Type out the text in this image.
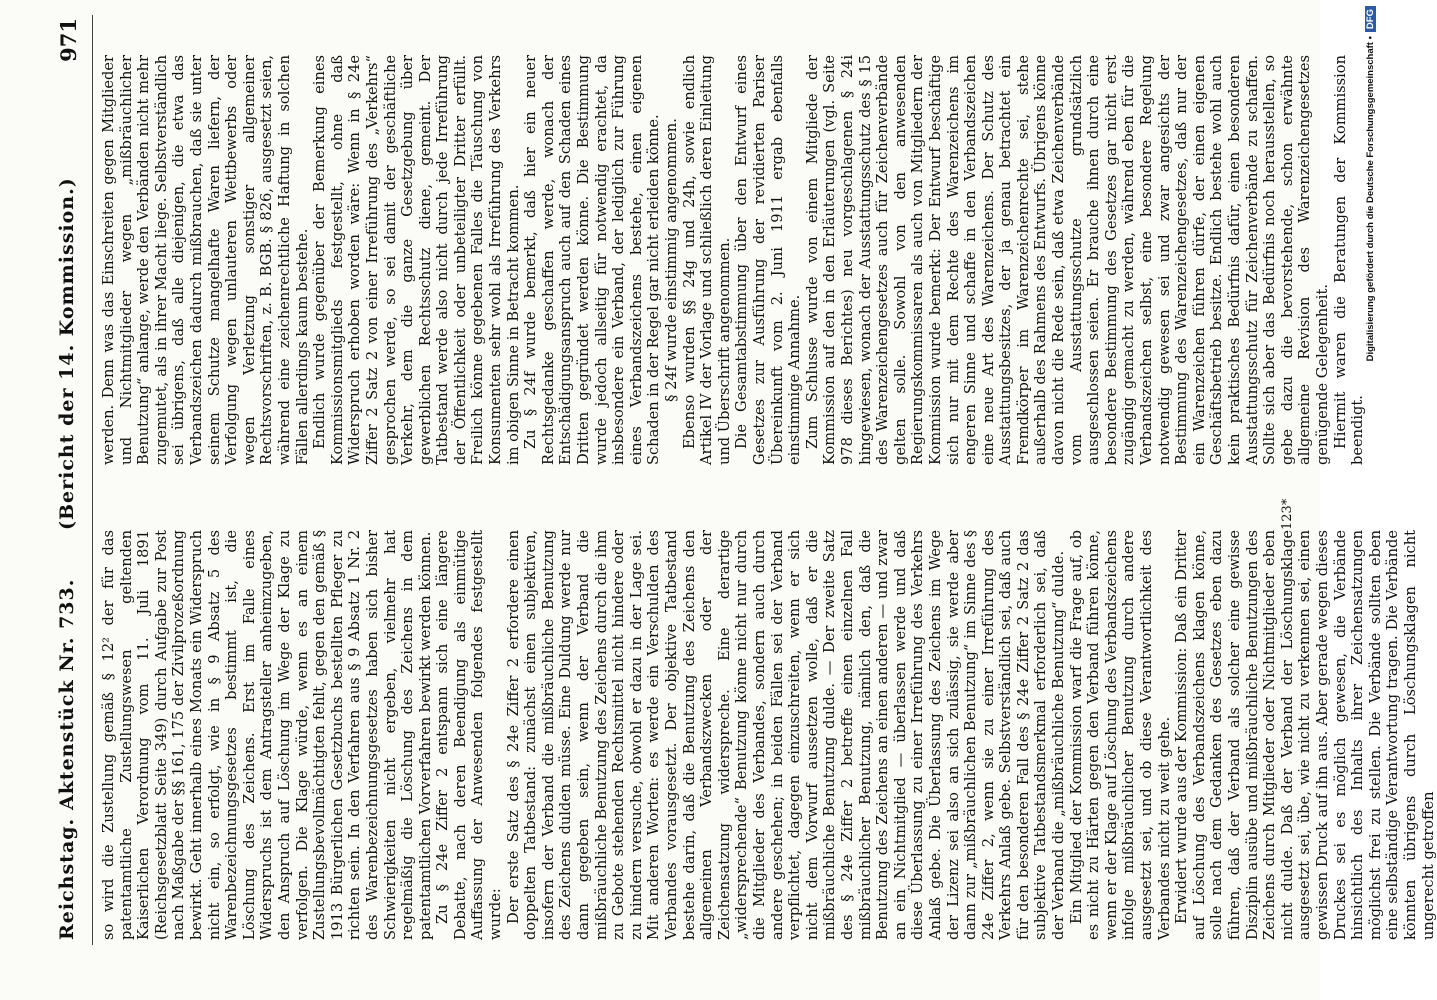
Reichstag.
Aktenstück Nr. 733.
(Bericht der 14. Kommission.)
971

so wird die Zustellung gemäß § 12² der für das patentamtliche Zustellungswesen geltenden Kaiserlichen Verordnung vom 11. Juli 1891 (Reichsgesetzblatt Seite 349) durch Aufgabe zur Post nach Maßgabe der §§ 161, 175 der Zivilprozeßordnung bewirkt. Geht innerhalb eines Monats ein Widerspruch nicht ein, so erfolgt, wie in § 9 Absatz 5 des Warenbezeichnungsgesetzes bestimmt ist, die Löschung des Zeichens. Erst im Falle eines Widerspruchs ist dem Antragsteller anheimzugeben, den Anspruch auf Löschung im Wege der Klage zu verfolgen. Die Klage würde, wenn es an einem Zustellungsbevollmächtigten fehlt, gegen den gemäß § 1913 Bürgerlichen Gesetzbuchs bestellten Pfleger zu richten sein. In den Verfahren aus § 9 Absatz 1 Nr. 2 des Warenbezeichnungsgesetzes haben sich bisher Schwierigkeiten nicht ergeben, vielmehr hat regelmäßig die Löschung des Zeichens in dem patentamtlichen Vorverfahren bewirkt werden können. Zu § 24e Ziffer 2 entspann sich eine längere Debatte, nach deren Beendigung als einmütige Auffassung der Anwesenden folgendes festgestellt wurde: Der erste Satz des § 24e Ziffer 2 erfordere einen doppelten Tatbestand: zunächst einen subjektiven, insofern der Verband die mißbräuchliche Benutzung des Zeichens dulden müsse. Eine Duldung werde nur dann gegeben sein, wenn der Verband die mißbräuchliche Benutzung des Zeichens durch die ihm zu Gebote stehenden Rechtsmittel nicht hindere oder zu hindern versuche, obwohl er dazu in der Lage sei. Mit anderen Worten: es werde ein Verschulden des Verbandes vorausgesetzt. Der objektive Tatbestand bestehe darin, daß die Benutzung des Zeichens den allgemeinen Verbandszwecken oder der Zeichensatzung widerspreche. Eine derartige „widersprechende“ Benutzung könne nicht nur durch die Mitglieder des Verbandes, sondern auch durch andere geschehen; in beiden Fällen sei der Verband verpflichtet, dagegen einzuschreiten, wenn er sich nicht dem Vorwurf aussetzen wolle, daß er die mißbräuchliche Benutzung dulde. — Der zweite Satz des § 24e Ziffer 2 betreffe einen einzelnen Fall mißbräuchlicher Benutzung, nämlich den, daß die Benutzung des Zeichens an einen anderen — und zwar an ein Nichtmitglied — überlassen werde und daß diese Überlassung zu einer Irreführung des Verkehrs Anlaß gebe. Die Überlassung des Zeichens im Wege der Lizenz sei also an sich zulässig, sie werde aber dann zur „mißbräuchlichen Benutzung“ im Sinne des § 24e Ziffer 2, wenn sie zu einer Irreführung des Verkehrs Anlaß gebe. Selbstverständlich sei, daß auch für den besonderen Fall des § 24e Ziffer 2 Satz 2 das subjektive Tatbestandsmerkmal erforderlich sei, daß der Verband die „mißbräuchliche Benutzung“ dulde. Ein Mitglied der Kommission warf die Frage auf, ob es nicht zu Härten gegen den Verband führen könne, wenn er der Klage auf Löschung des Verbandszeichens infolge mißbräuchlicher Benutzung durch andere ausgesetzt sei, und ob diese Verantwortlichkeit des Verbandes nicht zu weit gehe. Erwidert wurde aus der Kommission: Daß ein Dritter auf Löschung des Verbandszeichens klagen könne, solle nach dem Gedanken des Gesetzes eben dazu führen, daß der Verband als solcher eine gewisse Disziplin ausübe und mißbräuchliche Benutzungen des Zeichens durch Mitglieder oder Nichtmitglieder eben nicht dulde. Daß der Verband der Löschungsklage ausgesetzt sei, übe, wie nicht zu verkennen sei, einen gewissen Druck auf ihn aus. Aber gerade wegen dieses Druckes sei es möglich gewesen, die Verbände hinsichtlich des Inhalts ihrer Zeichensatzungen möglichst frei zu stellen. Die Verbände sollten eben eine selbständige Verantwortung tragen. Die Verbände könnten übrigens durch Löschungsklagen nicht ungerecht getroffen

werden. Denn was das Einschreiten gegen Mitglieder und Nichtmitglieder wegen „mißbräuchlicher Benutzung“ anlange, werde den Verbänden nicht mehr zugemutet, als in ihrer Macht liege. Selbstverständlich sei übrigens, daß alle diejenigen, die etwa das Verbandszeichen dadurch mißbrauchen, daß sie unter seinem Schutze mangelhafte Waren liefern, der Verfolgung wegen unlauteren Wettbewerbs oder wegen Verletzung sonstiger allgemeiner Rechtsvorschriften, z. B. BGB. § 826, ausgesetzt seien, während eine zeichenrechtliche Haftung in solchen Fällen allerdings kaum bestehe. Endlich wurde gegenüber der Bemerkung eines Kommissionsmitglieds festgestellt, ohne daß Widerspruch erhoben worden wäre: Wenn in § 24e Ziffer 2 Satz 2 von einer Irreführung des „Verkehrs“ gesprochen werde, so sei damit der geschäftliche Verkehr, dem die ganze Gesetzgebung über gewerblichen Rechtsschutz diene, gemeint. Der Tatbestand werde also nicht durch jede Irreführung der Öffentlichkeit oder unbeteiligter Dritter erfüllt. Freilich könne gegebenen Falles die Täuschung von Konsumenten sehr wohl als Irreführung des Verkehrs im obigen Sinne in Betracht kommen. Zu § 24f wurde bemerkt, daß hier ein neuer Rechtsgedanke geschaffen werde, wonach der Entschädigungsanspruch auch auf den Schaden eines Dritten gegründet werden könne. Die Bestimmung wurde jedoch allseitig für notwendig erachtet, da insbesondere ein Verband, der lediglich zur Führung eines Verbandszeichens bestehe, einen eigenen Schaden in der Regel gar nicht erleiden könne. § 24f wurde einstimmig angenommen. Ebenso wurden §§ 24g und 24h, sowie endlich Artikel IV der Vorlage und schließlich deren Einleitung und Überschrift angenommen. Die Gesamtabstimmung über den Entwurf eines Gesetzes zur Ausführung der revidierten Pariser Übereinkunft vom 2. Juni 1911 ergab ebenfalls einstimmige Annahme. Zum Schlusse wurde von einem Mitgliede der Kommission auf den in den Erläuterungen (vgl. Seite 978 dieses Berichtes) neu vorgeschlagenen § 24i hingewiesen, wonach der Ausstattungsschutz des § 15 des Warenzeichengesetzes auch für Zeichenverbände gelten solle. Sowohl von den anwesenden Regierungskommissaren als auch von Mitgliedern der Kommission wurde bemerkt: Der Entwurf beschäftige sich nur mit dem Rechte des Warenzeichens im engeren Sinne und schaffe in den Verbandszeichen eine neue Art des Warenzeichens. Der Schutz des Ausstattungsbesitzes, der ja genau betrachtet ein Fremdkörper im Warenzeichenrechte sei, stehe außerhalb des Rahmens des Entwurfs. Übrigens könne davon nicht die Rede sein, daß etwa Zeichenverbände vom Ausstattungsschutze grundsätzlich ausgeschlossen seien. Er brauche ihnen durch eine besondere Bestimmung des Gesetzes gar nicht erst zugängig gemacht zu werden, während eben für die Verbandszeichen selbst, eine besondere Regelung notwendig gewesen sei und zwar angesichts der Bestimmung des Warenzeichengesetzes, daß nur der ein Warenzeichen führen dürfe, der einen eigenen Geschäftsbetrieb besitze. Endlich bestehe wohl auch kein praktisches Bedürfnis dafür, einen besonderen Ausstattungsschutz für Zeichenverbände zu schaffen. Sollte sich aber das Bedürfnis noch herausstellen, so gebe dazu die bevorstehende, schon erwähnte allgemeine Revision des Warenzeichengesetzes genügende Gelegenheit. Hiermit waren die Beratungen der Kommission beendigt.

123*
Digitalisierung gefördert durch die Deutsche Forschungsgemeinschaft •DFG
